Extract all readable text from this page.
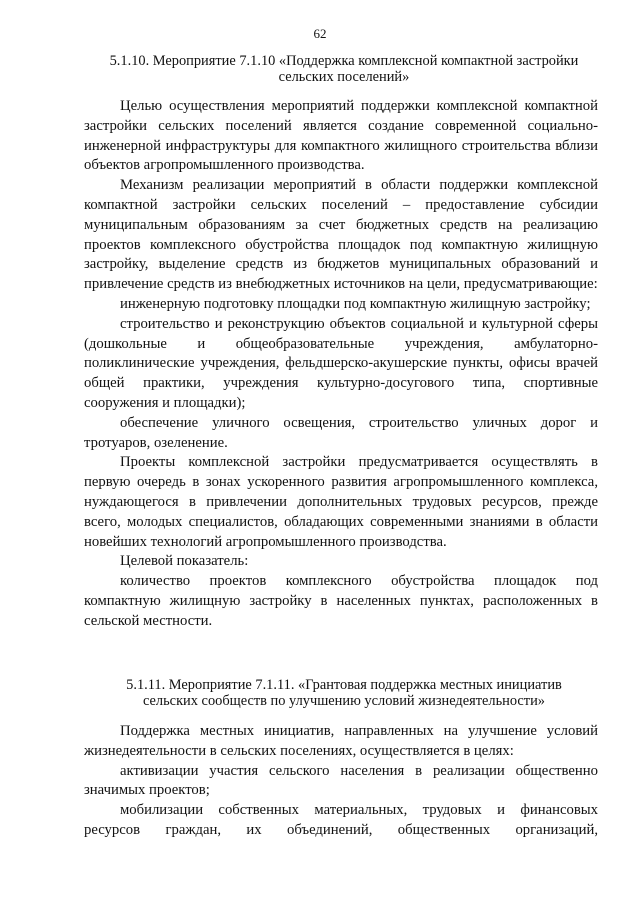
62
5.1.10. Мероприятие 7.1.10 «Поддержка комплексной компактной застройки
сельских поселений»

Целью осуществления мероприятий поддержки комплексной компактной застройки сельских поселений является создание современной социально-инженерной инфраструктуры для компактного жилищного строительства вблизи объектов агропромышленного производства.

Механизм реализации мероприятий в области поддержки комплексной компактной застройки сельских поселений – предоставление субсидии муниципальным образованиям за счет бюджетных средств на реализацию проектов комплексного обустройства площадок под компактную жилищную застройку, выделение средств из бюджетов муниципальных образований и привлечение средств из внебюджетных источников на цели, предусматривающие:

инженерную подготовку площадки под компактную жилищную застройку;

строительство и реконструкцию объектов социальной и культурной сферы (дошкольные и общеобразовательные учреждения, амбулаторно-поликлинические учреждения, фельдшерско-акушерские пункты, офисы врачей общей практики, учреждения культурно-досугового типа, спортивные сооружения и площадки);

обеспечение уличного освещения, строительство уличных дорог и тротуаров, озеленение.

Проекты комплексной застройки предусматривается осуществлять в первую очередь в зонах ускоренного развития агропромышленного комплекса, нуждающегося в привлечении дополнительных трудовых ресурсов, прежде всего, молодых специалистов, обладающих современными знаниями в области новейших технологий агропромышленного производства.

Целевой показатель:

количество проектов комплексного обустройства площадок под компактную жилищную застройку в населенных пунктах, расположенных в сельской местности.

5.1.11. Мероприятие 7.1.11. «Грантовая поддержка местных инициатив
сельских сообществ по улучшению условий жизнедеятельности»

Поддержка местных инициатив, направленных на улучшение условий жизнедеятельности в сельских поселениях, осуществляется в целях:

активизации участия сельского населения в реализации общественно значимых проектов;

мобилизации собственных материальных, трудовых и финансовых ресурсов граждан, их объединений, общественных организаций,
